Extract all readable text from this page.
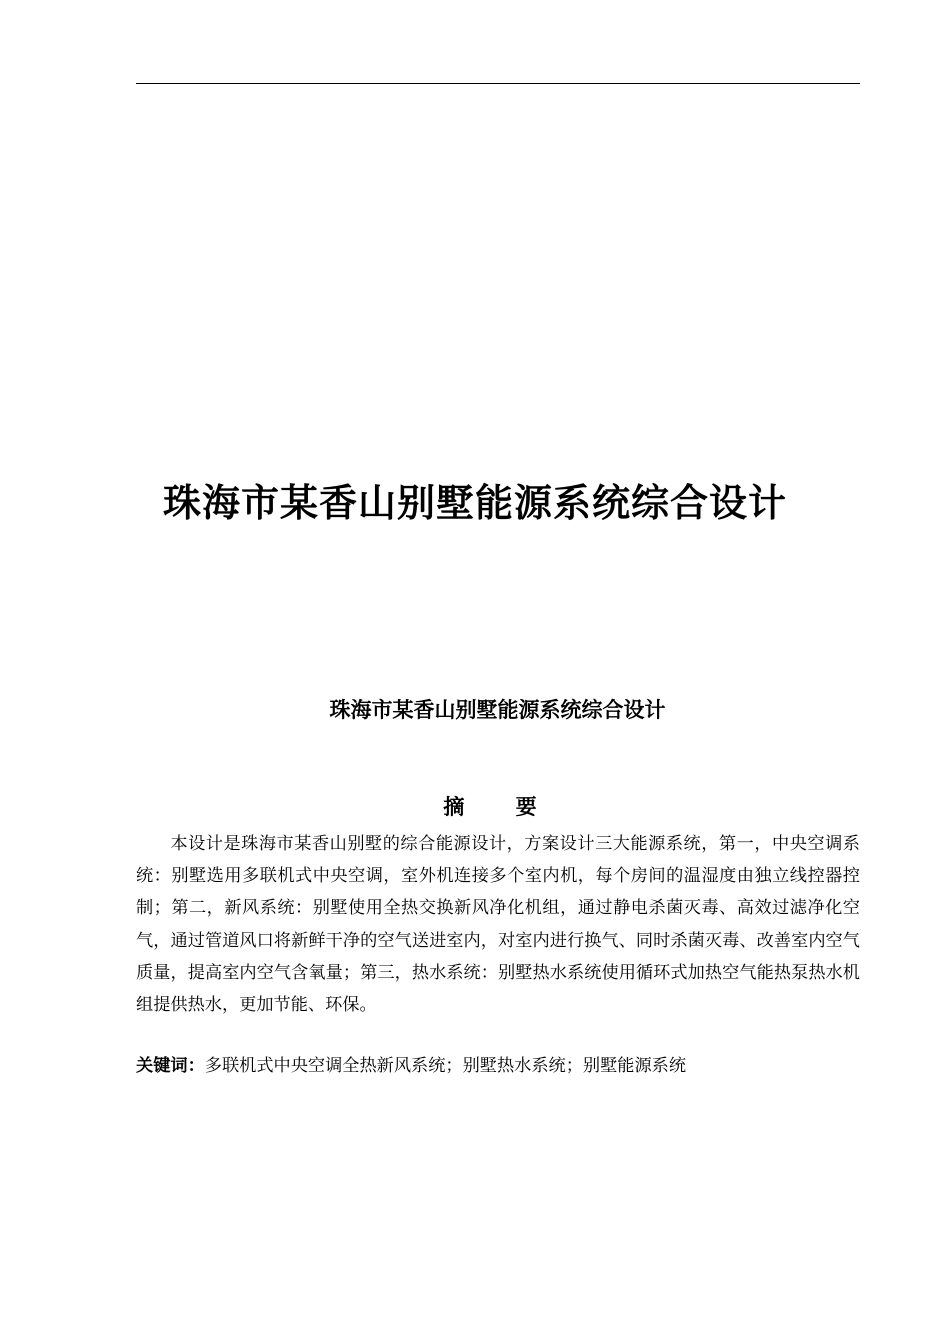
珠海市某香山别墅能源系统综合设计
珠海市某香山别墅能源系统综合设计
摘 要

本设计是珠海市某香山别墅的综合能源设计，方案设计三大能源系统，第一，中央空调系统：别墅选用多联机式中央空调，室外机连接多个室内机，每个房间的温湿度由独立线控器控制；第二，新风系统：别墅使用全热交换新风净化机组，通过静电杀菌灭毒、高效过滤净化空气，通过管道风口将新鲜干净的空气送进室内，对室内进行换气、同时杀菌灭毒、改善室内空气质量，提高室内空气含氧量；第三，热水系统：别墅热水系统使用循环式加热空气能热泵热水机组提供热水，更加节能、环保。

关键词：多联机式中央空调全热新风系统；别墅热水系统；别墅能源系统
